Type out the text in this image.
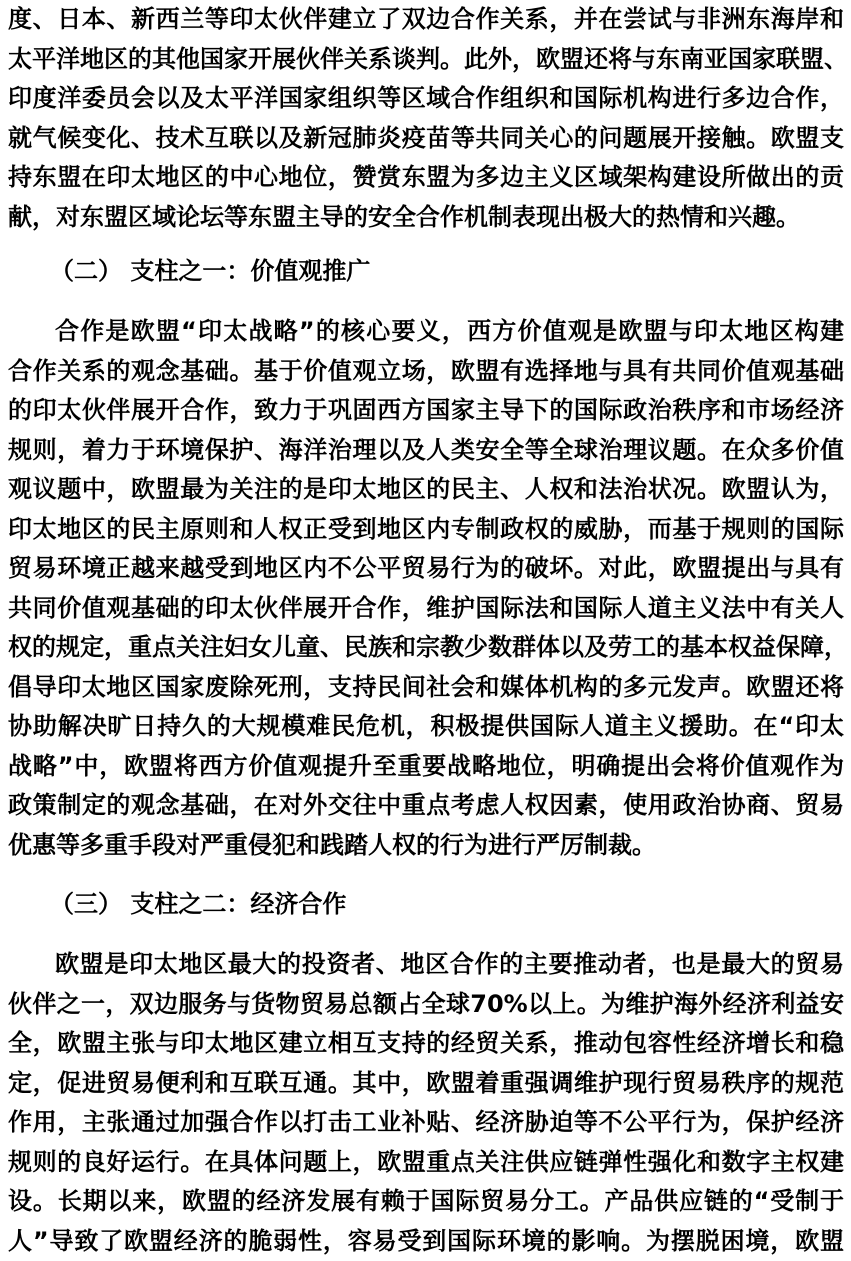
度、日本、新西兰等印太伙伴建立了双边合作关系，并在尝试与非洲东海岸和
太平洋地区的其他国家开展伙伴关系谈判。此外，欧盟还将与东南亚国家联盟、
印度洋委员会以及太平洋国家组织等区域合作组织和国际机构进行多边合作，
就气候变化、技术互联以及新冠肺炎疫苗等共同关心的问题展开接触。欧盟支
持东盟在印太地区的中心地位，赞赏东盟为多边主义区域架构建设所做出的贡
献，对东盟区域论坛等东盟主导的安全合作机制表现出极大的热情和兴趣。
（二） 支柱之一：价值观推广
合作是欧盟“印太战略”的核心要义，西方价值观是欧盟与印太地区构建
合作关系的观念基础。基于价值观立场，欧盟有选择地与具有共同价值观基础
的印太伙伴展开合作，致力于巩固西方国家主导下的国际政治秩序和市场经济
规则，着力于环境保护、海洋治理以及人类安全等全球治理议题。在众多价值
观议题中，欧盟最为关注的是印太地区的民主、人权和法治状况。欧盟认为，
印太地区的民主原则和人权正受到地区内专制政权的威胁，而基于规则的国际
贸易环境正越来越受到地区内不公平贸易行为的破坏。对此，欧盟提出与具有
共同价值观基础的印太伙伴展开合作，维护国际法和国际人道主义法中有关人
权的规定，重点关注妇女儿童、民族和宗教少数群体以及劳工的基本权益保障，
倡导印太地区国家废除死刑，支持民间社会和媒体机构的多元发声。欧盟还将
协助解决旷日持久的大规模难民危机，积极提供国际人道主义援助。在“印太
战略”中，欧盟将西方价值观提升至重要战略地位，明确提出会将价值观作为
政策制定的观念基础，在对外交往中重点考虑人权因素，使用政治协商、贸易
优惠等多重手段对严重侵犯和践踏人权的行为进行严厉制裁。
（三） 支柱之二：经济合作
欧盟是印太地区最大的投资者、地区合作的主要推动者，也是最大的贸易
伙伴之一，双边服务与货物贸易总额占全球70%以上。为维护海外经济利益安
全，欧盟主张与印太地区建立相互支持的经贸关系，推动包容性经济增长和稳
定，促进贸易便利和互联互通。其中，欧盟着重强调维护现行贸易秩序的规范
作用，主张通过加强合作以打击工业补贴、经济胁迫等不公平行为，保护经济
规则的良好运行。在具体问题上，欧盟重点关注供应链弹性强化和数字主权建
设。长期以来，欧盟的经济发展有赖于国际贸易分工。产品供应链的“受制于
人”导致了欧盟经济的脆弱性，容易受到国际环境的影响。为摆脱困境，欧盟
